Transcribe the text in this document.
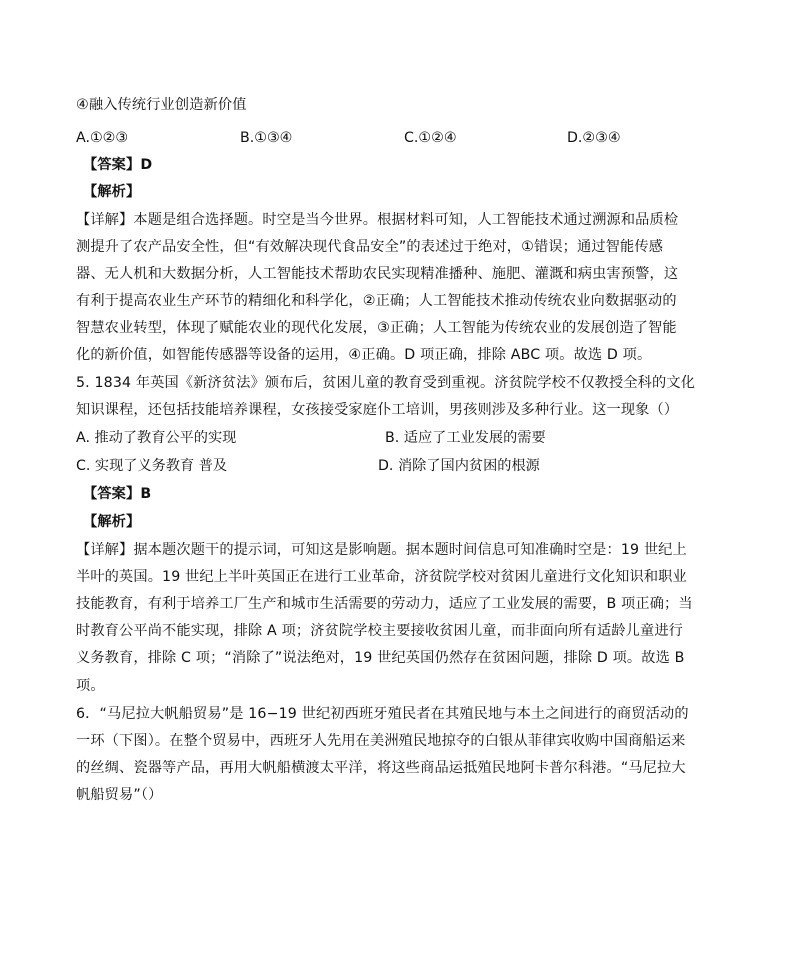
④融入传统行业创造新价值
A.①②③	B.①③④	C.①②④	D.②③④
【答案】D
【解析】
【详解】本题是组合选择题。时空是当今世界。根据材料可知，人工智能技术通过溯源和品质检
测提升了农产品安全性，但“有效解决现代食品安全”的表述过于绝对，①错误；通过智能传感
器、无人机和大数据分析，人工智能技术帮助农民实现精准播种、施肥、灌溉和病虫害预警，这
有利于提高农业生产环节的精细化和科学化，②正确；人工智能技术推动传统农业向数据驱动的
智慧农业转型，体现了赋能农业的现代化发展，③正确；人工智能为传统农业的发展创造了智能
化的新价值，如智能传感器等设备的运用，④正确。D 项正确，排除 ABC 项。故选 D 项。
5. 1834 年英国《新济贫法》颁布后，贫困儿童的教育受到重视。济贫院学校不仅教授全科的文化
知识课程，还包括技能培养课程，女孩接受家庭仆工培训，男孩则涉及多种行业。这一现象（）
A. 推动了教育公平的实现	B. 适应了工业发展的需要
C. 实现了义务教育 普及	D. 消除了国内贫困的根源
【答案】B
【解析】
【详解】据本题次题干的提示词，可知这是影响题。据本题时间信息可知准确时空是：19 世纪上
半叶的英国。19 世纪上半叶英国正在进行工业革命，济贫院学校对贫困儿童进行文化知识和职业
技能教育，有利于培养工厂生产和城市生活需要的劳动力，适应了工业发展的需要，B 项正确；当
时教育公平尚不能实现，排除 A 项；济贫院学校主要接收贫困儿童，而非面向所有适龄儿童进行
义务教育，排除 C 项；“消除了”说法绝对，19 世纪英国仍然存在贫困问题，排除 D 项。故选 B
项。
6．“马尼拉大帆船贸易”是 16−19 世纪初西班牙殖民者在其殖民地与本土之间进行的商贸活动的
一环（下图）。在整个贸易中，西班牙人先用在美洲殖民地掠夺的白银从菲律宾收购中国商船运来
的丝绸、瓷器等产品，再用大帆船横渡太平洋，将这些商品运抵殖民地阿卡普尔科港。“马尼拉大
帆船贸易”（）
